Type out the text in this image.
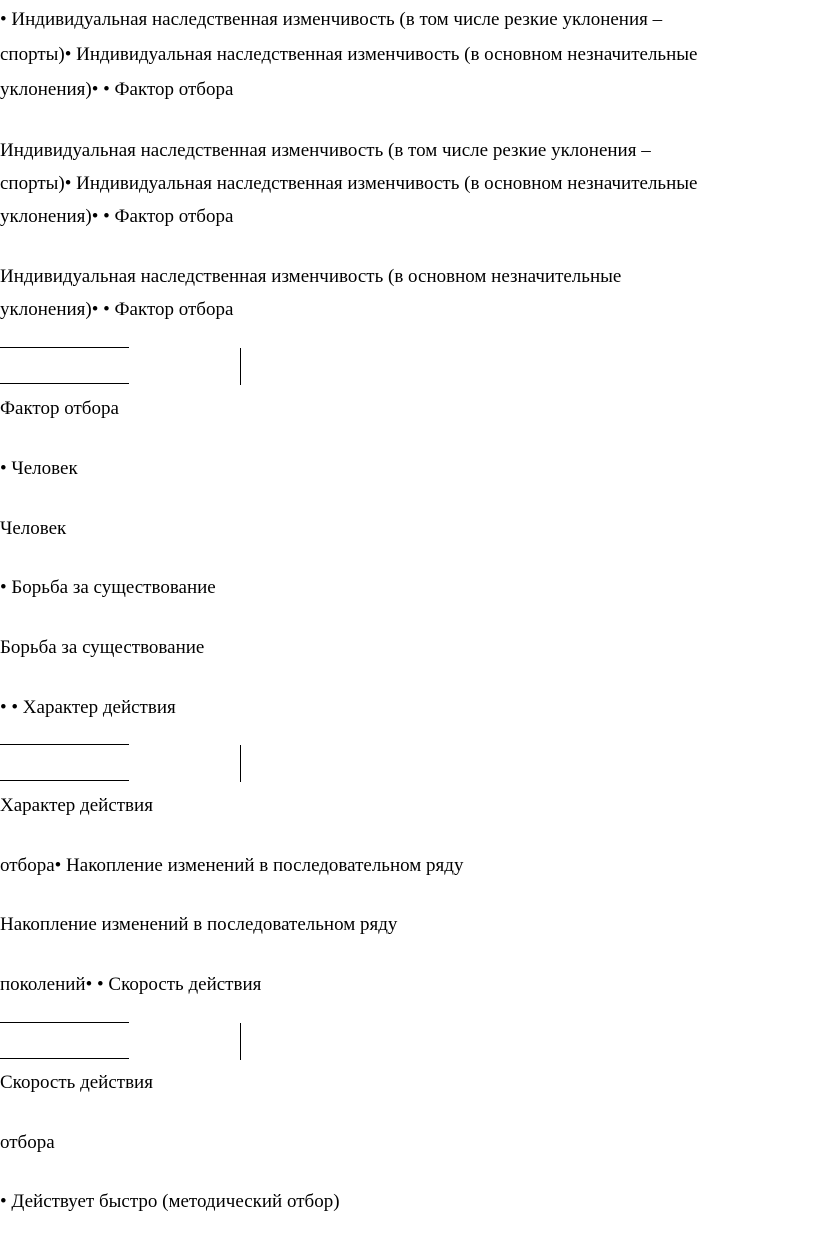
• Индивидуальная наследственная изменчивость (в том числе резкие уклонения –
спорты)• Индивидуальная наследственная изменчивость (в основном незначительные
уклонения)• • Фактор отбора
Индивидуальная наследственная изменчивость (в том числе резкие уклонения –
спорты)• Индивидуальная наследственная изменчивость (в основном незначительные
уклонения)• • Фактор отбора
Индивидуальная наследственная изменчивость (в основном незначительные
уклонения)• • Фактор отбора
Фактор отбора
• Человек
Человек
• Борьба за существование
Борьба за существование
• • Характер действия
Характер действия
отбора• Накопление изменений в последовательном ряду
Накопление изменений в последовательном ряду
поколений• • Скорость действия
Скорость действия
отбора
• Действует быстро (методический отбор)
